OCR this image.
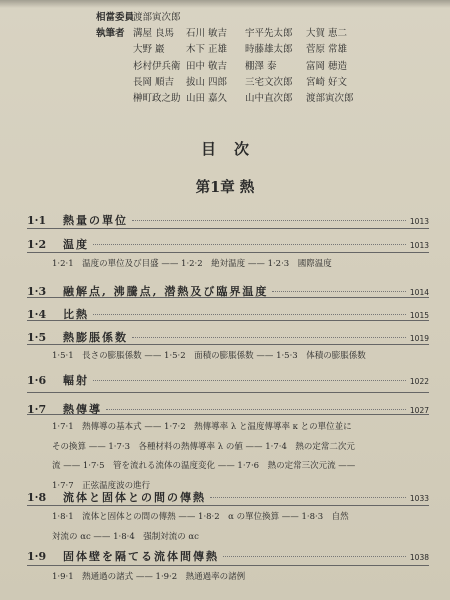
相當委員
渡部寅次郎
執筆者 溝屋 良馬	石川 敏吉	宇平先太郎	大賀 恵二
大野 巖	木下 正雄	時藤雄太郎	菅原 常雄
杉村伊兵衛 田中 敬吉	棚澤 泰	富岡 穂造
長岡 順吉	拔山 四郎	三宅文次郎	宮崎 好文
榊町政之助 山田 嘉久	山中直次郎	渡部寅次郎
目次
第1章 熱
1·1	熱量の單位	1013
1·2	温度	1013
1·2·1　温度の單位及び目盛 —— 1·2·2　絶対温度 —— 1·2·3　國際温度
1·3	融解点, 沸騰点, 潜熱及び臨界温度	1014
1·4	比熱	1015
1·5	熱膨脹係数	1019
1·5·1　長さの膨脹係数 —— 1·5·2　面積の膨脹係数 —— 1·5·3　体積の膨脹係数
1·6	輻射	1022
1·7	熱傳導	1027
1·7·1　熱傳導の基本式 —— 1·7·2　熱傳導率 λ と温度傳導率 κ との單位並に
その換算 —— 1·7·3　各種材料の熱傳導率 λ の値 —— 1·7·4　熱の定常二次元
流 —— 1·7·5　管を流れる流体の温度変化 —— 1·7·6　熱の定常三次元流 ——
1·7·7　正弦温度波の進行
1·8	流体と固体との間の傳熱	1033
1·8·1　流体と固体との間の傳熱 —— 1·8·2　α の單位換算 —— 1·8·3　自然
対流の αc —— 1·8·4　强制対流の αc
1·9	固体壁を隔てる流体間傳熱	1038
1·9·1　熱通過の諸式 —— 1·9·2　熱通過率の諸例
